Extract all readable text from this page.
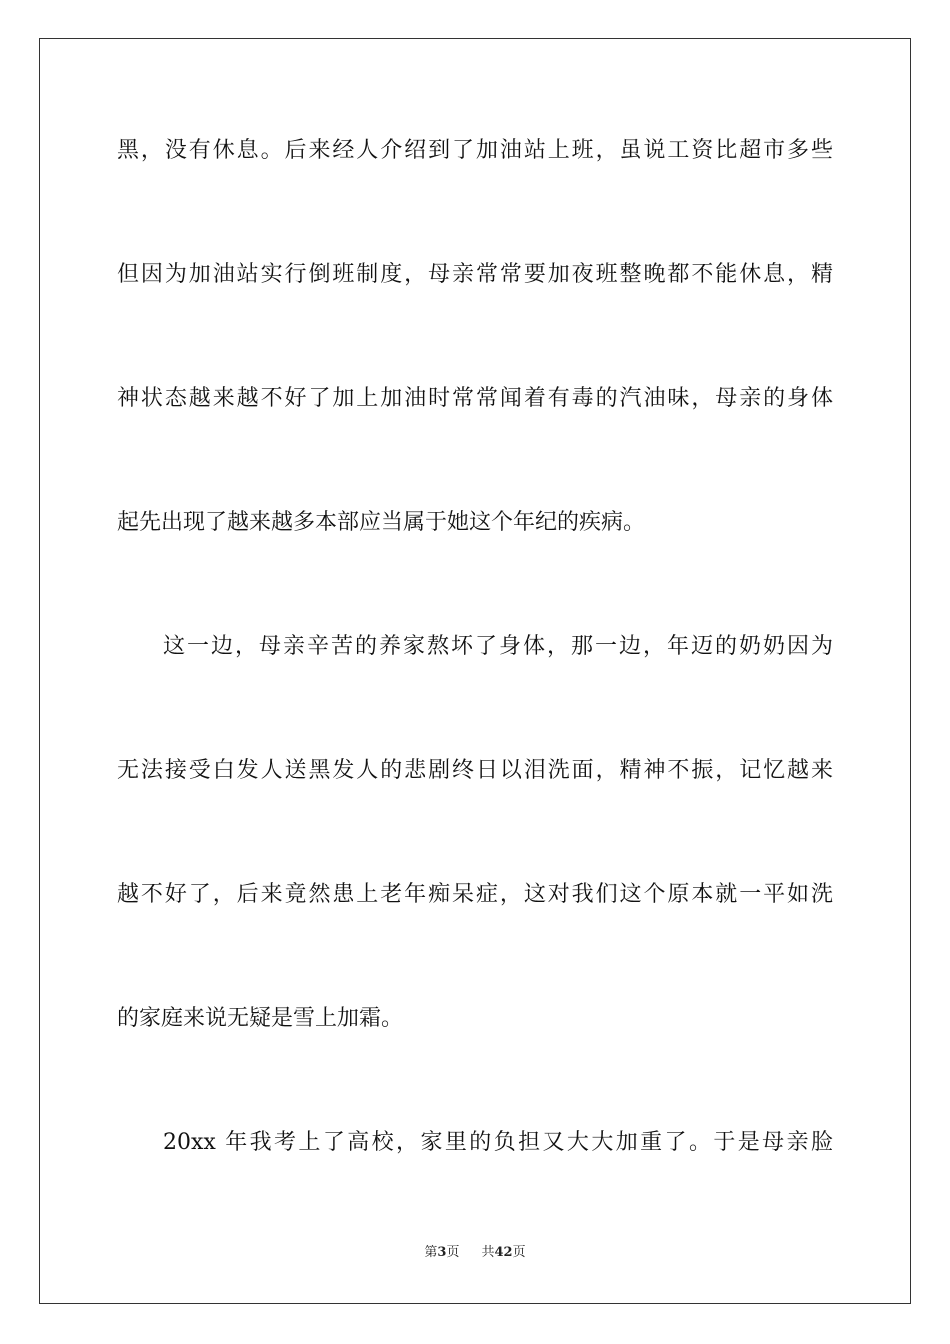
黑，没有休息。后来经人介绍到了加油站上班，虽说工资比超市多些
但因为加油站实行倒班制度，母亲常常要加夜班整晚都不能休息，精
神状态越来越不好了加上加油时常常闻着有毒的汽油味，母亲的身体
起先出现了越来越多本部应当属于她这个年纪的疾病。
这一边，母亲辛苦的养家熬坏了身体，那一边，年迈的奶奶因为
无法接受白发人送黑发人的悲剧终日以泪洗面，精神不振，记忆越来
越不好了，后来竟然患上老年痴呆症，这对我们这个原本就一平如洗
的家庭来说无疑是雪上加霜。
20xx 年我考上了高校，家里的负担又大大加重了。于是母亲脸
第3页 共42页
